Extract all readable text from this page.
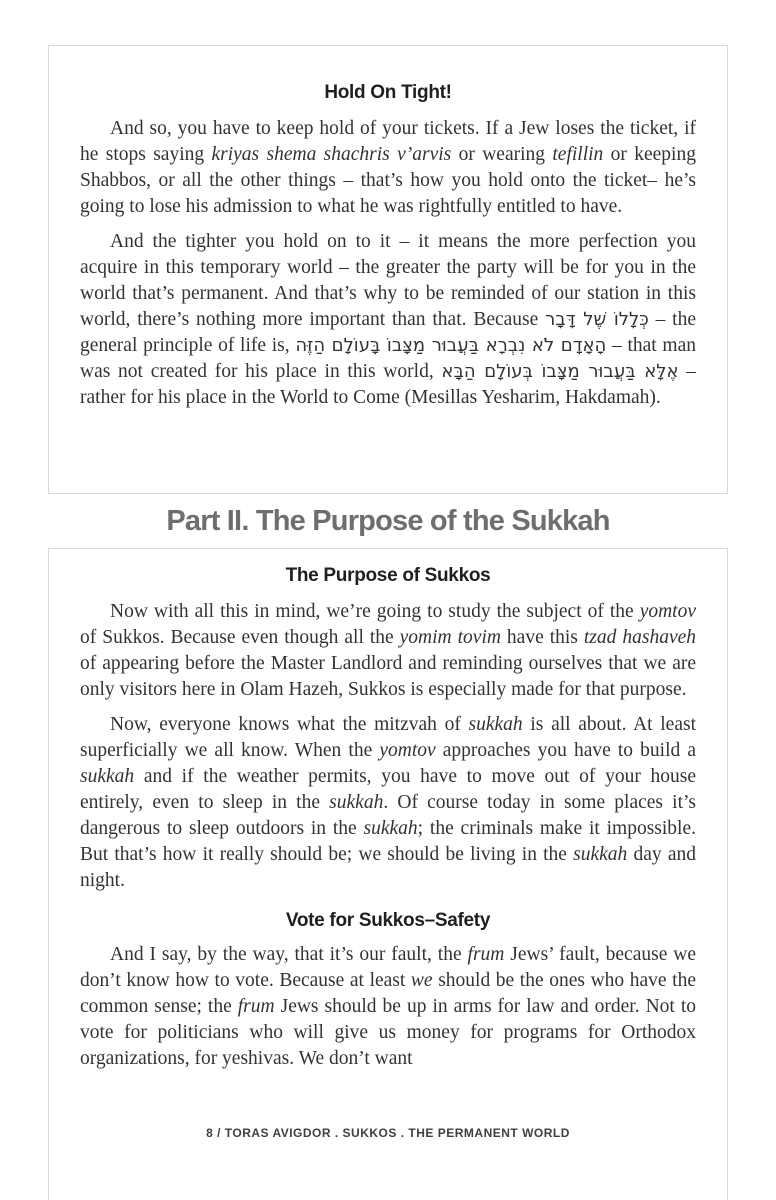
Hold On Tight!

And so, you have to keep hold of your tickets. If a Jew loses the ticket, if he stops saying kriyas shema shachris v’arvis or wearing tefillin or keeping Shabbos, or all the other things – that’s how you hold onto the ticket– he’s going to lose his admission to what he was rightfully entitled to have.

And the tighter you hold on to it – it means the more perfection you acquire in this temporary world – the greater the party will be for you in the world that’s permanent. And that’s why to be reminded of our station in this world, there’s nothing more important than that. Because כְּלָלוֹ שֶׁל דָּבָר – the general principle of life is, הָאָדָם לֹא נִבְרָא בַּעֲבוּר מַצָּבוֹ בָּעוֹלָם הַזֶּה – that man was not created for his place in this world, אֶלָּא בַּעֲבוּר מַצָּבוֹ בְּעוֹלָם הַבָּא – rather for his place in the World to Come (Mesillas Yesharim, Hakdamah).

Part II. The Purpose of the Sukkah
The Purpose of Sukkos

Now with all this in mind, we’re going to study the subject of the yomtov of Sukkos. Because even though all the yomim tovim have this tzad hashaveh of appearing before the Master Landlord and reminding ourselves that we are only visitors here in Olam Hazeh, Sukkos is especially made for that purpose.

Now, everyone knows what the mitzvah of sukkah is all about. At least superficially we all know. When the yomtov approaches you have to build a sukkah and if the weather permits, you have to move out of your house entirely, even to sleep in the sukkah. Of course today in some places it’s dangerous to sleep outdoors in the sukkah; the criminals make it impossible. But that’s how it really should be; we should be living in the sukkah day and night.

Vote for Sukkos–Safety

And I say, by the way, that it’s our fault, the frum Jews’ fault, because we don’t know how to vote. Because at least we should be the ones who have the common sense; the frum Jews should be up in arms for law and order. Not to vote for politicians who will give us money for programs for Orthodox organizations, for yeshivas. We don’t want

8 / TORAS AVIGDOR . SUKKOS . THE PERMANENT WORLD
